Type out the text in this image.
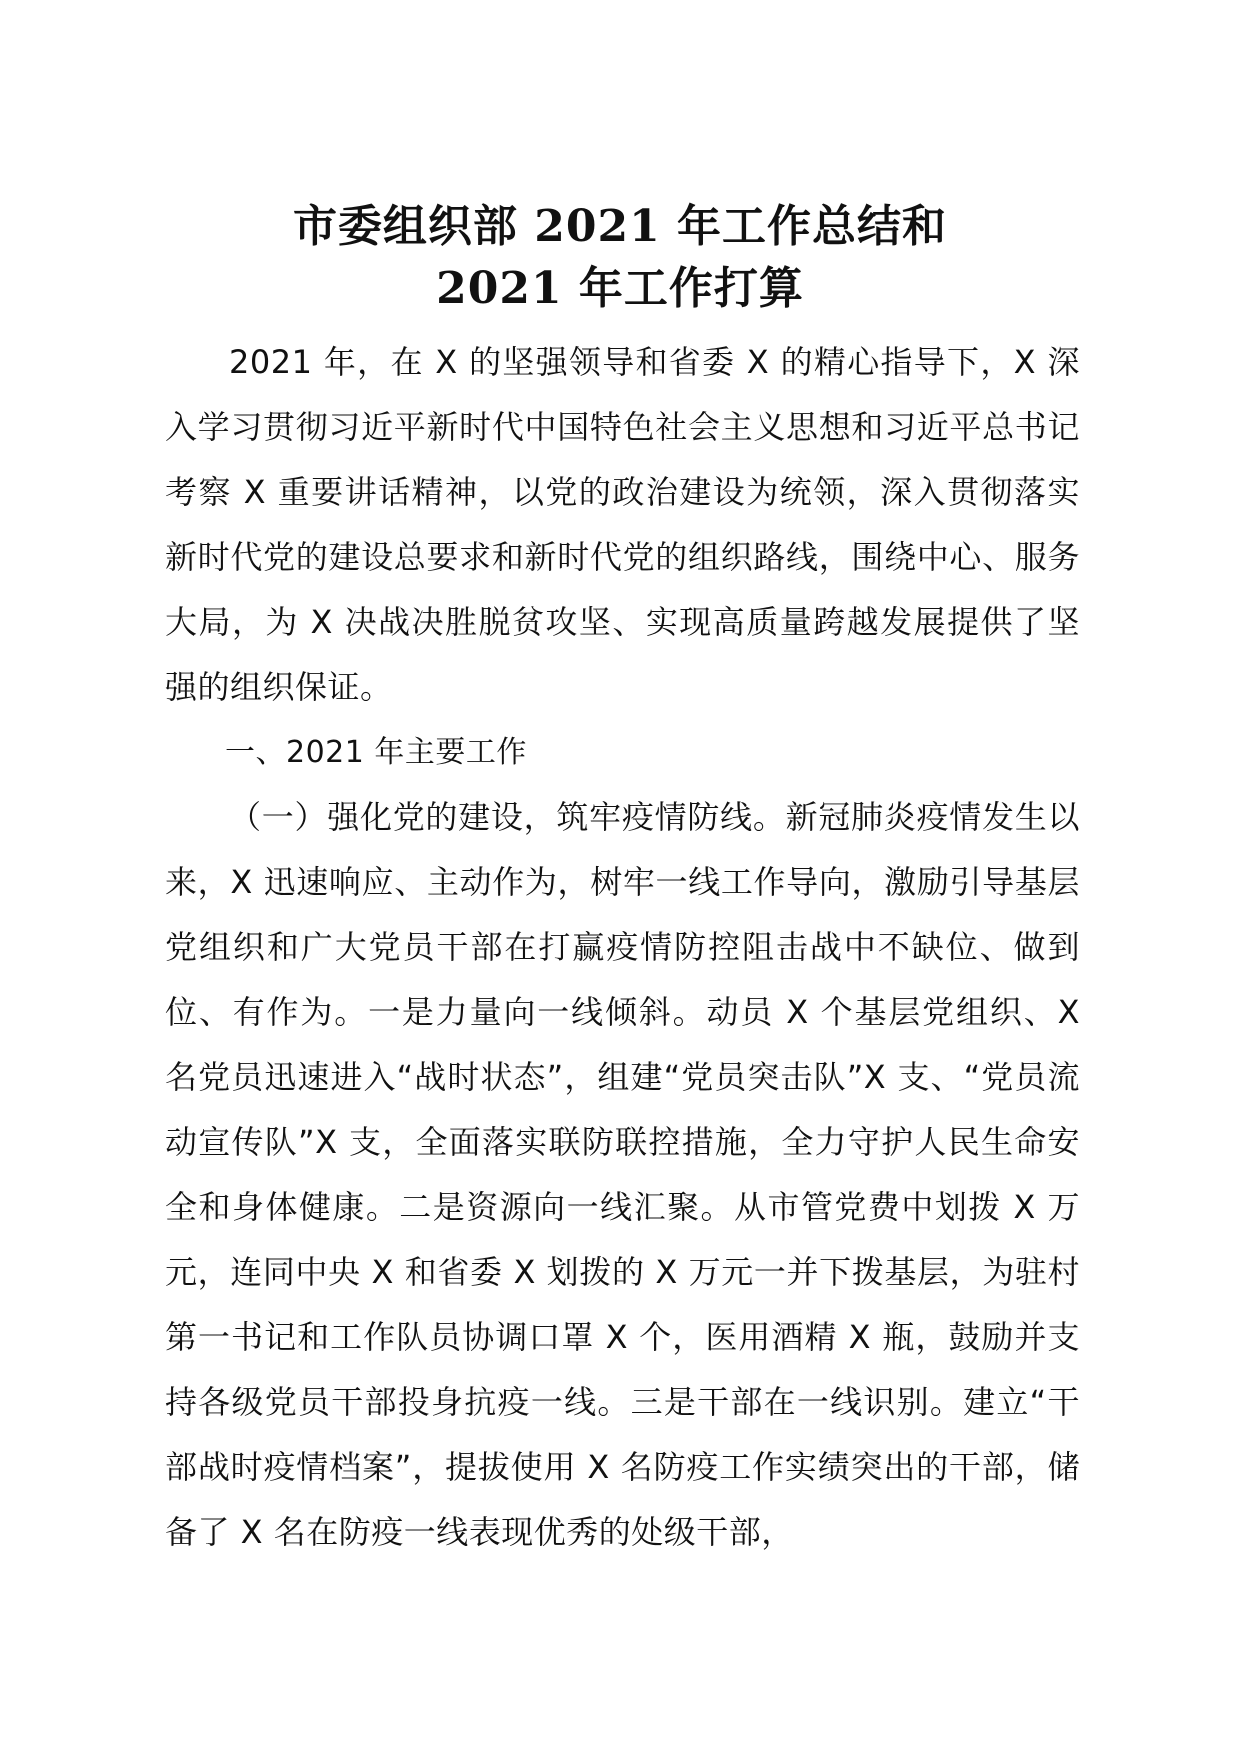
市委组织部 2021 年工作总结和
2021 年工作打算

2021 年，在 X 的坚强领导和省委 X 的精心指导下，X 深入学习贯彻习近平新时代中国特色社会主义思想和习近平总书记考察 X 重要讲话精神，以党的政治建设为统领，深入贯彻落实新时代党的建设总要求和新时代党的组织路线，围绕中心、服务大局，为 X 决战决胜脱贫攻坚、实现高质量跨越发展提供了坚强的组织保证。

一、2021 年主要工作

（一）强化党的建设，筑牢疫情防线。新冠肺炎疫情发生以来，X 迅速响应、主动作为，树牢一线工作导向，激励引导基层党组织和广大党员干部在打赢疫情防控阻击战中不缺位、做到位、有作为。一是力量向一线倾斜。动员 X 个基层党组织、X 名党员迅速进入“战时状态”，组建“党员突击队”X 支、“党员流动宣传队”X 支，全面落实联防联控措施，全力守护人民生命安全和身体健康。二是资源向一线汇聚。从市管党费中划拨 X 万元，连同中央 X 和省委 X 划拨的 X 万元一并下拨基层，为驻村第一书记和工作队员协调口罩 X 个，医用酒精 X 瓶，鼓励并支持各级党员干部投身抗疫一线。三是干部在一线识别。建立“干部战时疫情档案”，提拔使用 X 名防疫工作实绩突出的干部，储备了 X 名在防疫一线表现优秀的处级干部，
